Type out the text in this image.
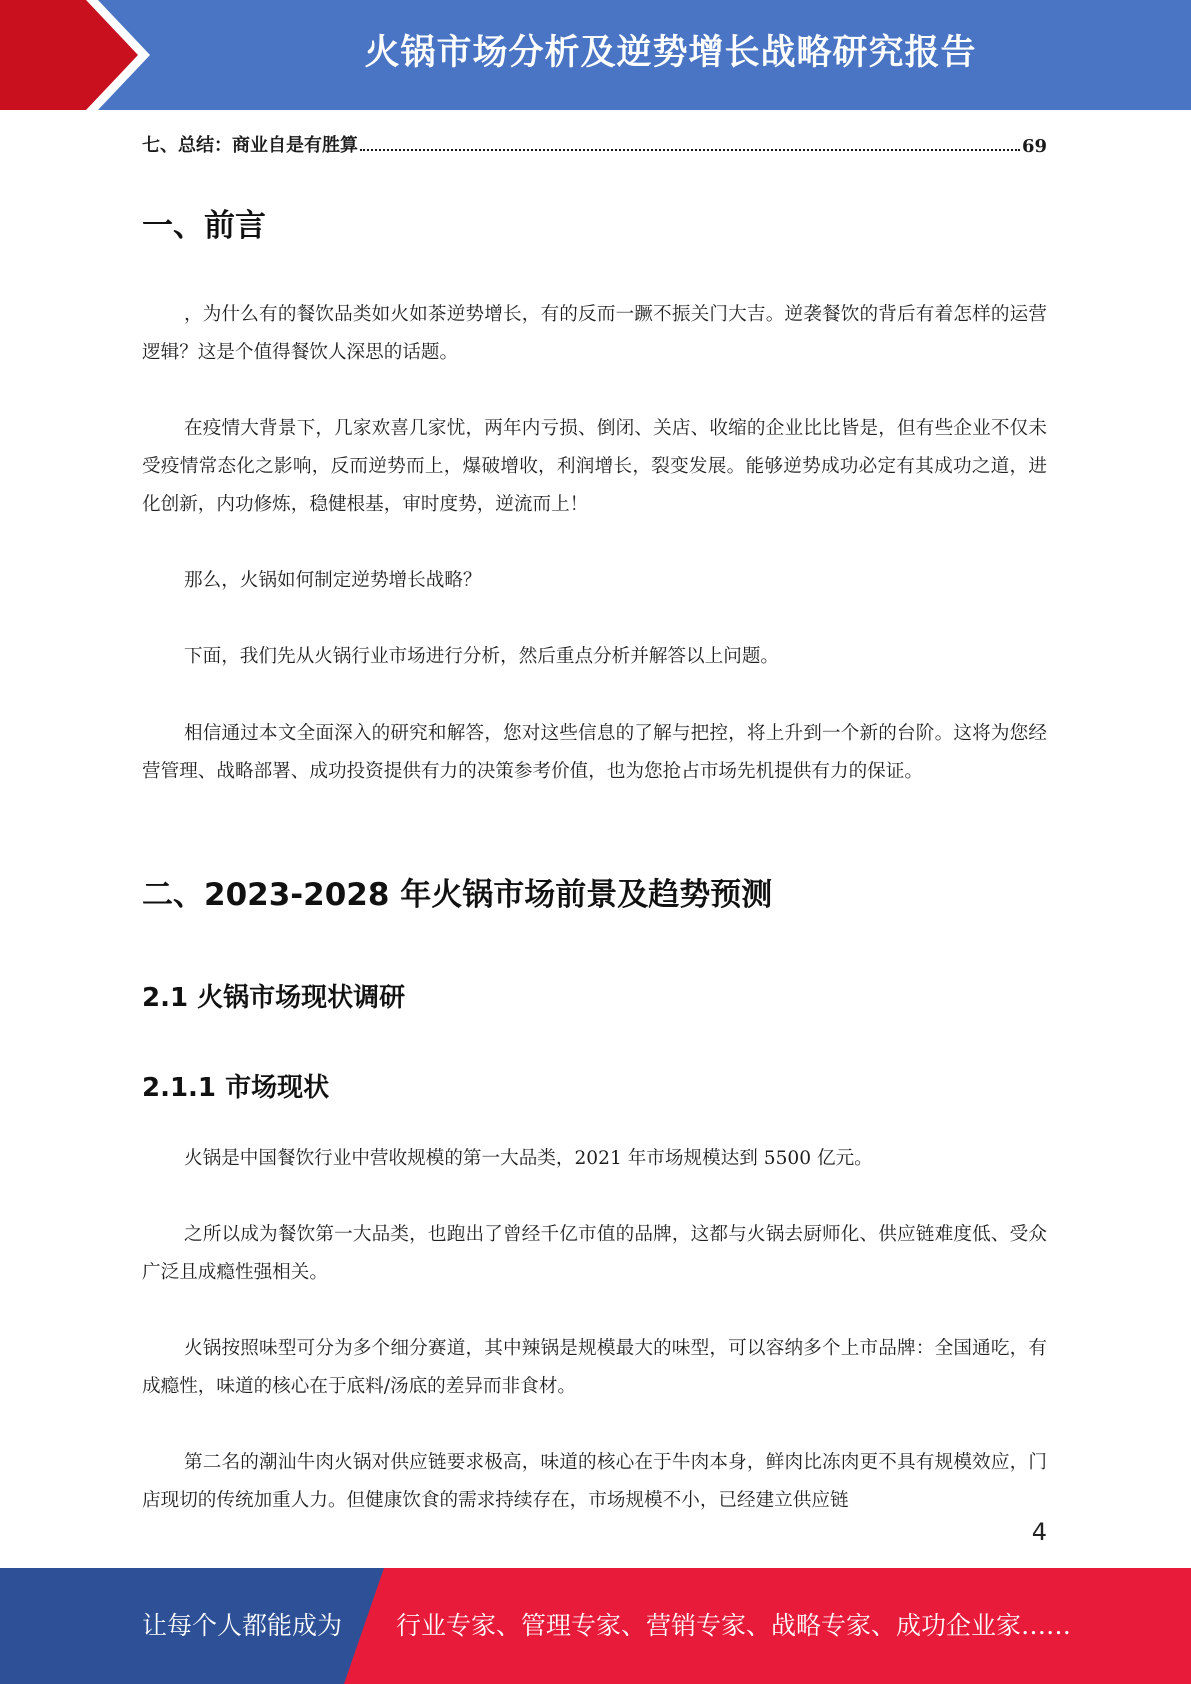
火锅市场分析及逆势增长战略研究报告
七、总结：商业自是有胜算	69
一、前言

，为什么有的餐饮品类如火如茶逆势增长，有的反而一蹶不振关门大吉。逆袭餐饮的背后有着怎样的运营逻辑？这是个值得餐饮人深思的话题。

在疫情大背景下，几家欢喜几家忧，两年内亏损、倒闭、关店、收缩的企业比比皆是，但有些企业不仅未受疫情常态化之影响，反而逆势而上，爆破增收，利润增长，裂变发展。能够逆势成功必定有其成功之道，进化创新，内功修炼，稳健根基，审时度势，逆流而上！

那么，火锅如何制定逆势增长战略？

下面，我们先从火锅行业市场进行分析，然后重点分析并解答以上问题。

相信通过本文全面深入的研究和解答，您对这些信息的了解与把控，将上升到一个新的台阶。这将为您经营管理、战略部署、成功投资提供有力的决策参考价值，也为您抢占市场先机提供有力的保证。

二、2023-2028 年火锅市场前景及趋势预测
2.1 火锅市场现状调研
2.1.1 市场现状

火锅是中国餐饮行业中营收规模的第一大品类，2021 年市场规模达到 5500 亿元。

之所以成为餐饮第一大品类，也跑出了曾经千亿市值的品牌，这都与火锅去厨师化、供应链难度低、受众广泛且成瘾性强相关。

火锅按照味型可分为多个细分赛道，其中辣锅是规模最大的味型，可以容纳多个上市品牌：全国通吃，有成瘾性，味道的核心在于底料/汤底的差异而非食材。

第二名的潮汕牛肉火锅对供应链要求极高，味道的核心在于牛肉本身，鲜肉比冻肉更不具有规模效应，门店现切的传统加重人力。但健康饮食的需求持续存在，市场规模不小，已经建立供应链

4
让每个人都能成为 行业专家、管理专家、营销专家、战略专家、成功企业家……
